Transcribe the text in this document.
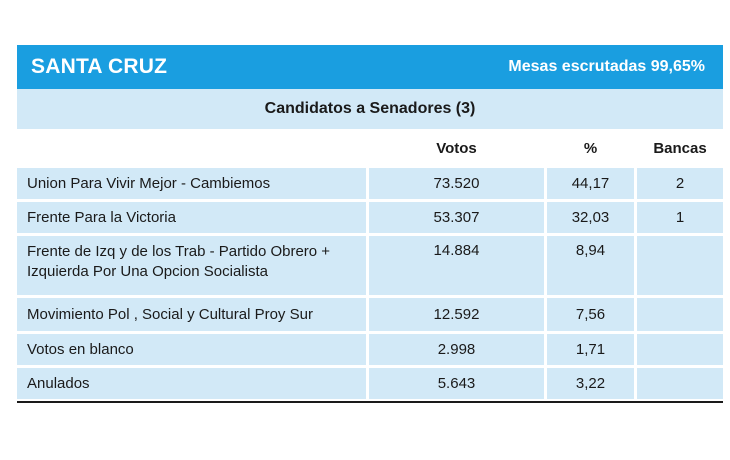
SANTA CRUZ	Mesas escrutadas 99,65%
Candidatos a Senadores (3)
	Votos	%	Bancas
Union Para Vivir Mejor - Cambiemos	73.520	44,17	2
Frente Para la Victoria	53.307	32,03	1

Frente de Izq y de los Trab - Partido Obrero +
Izquierda Por Una Opcion Socialista	14.884	8,94	
Movimiento Pol , Social y Cultural Proy Sur	12.592	7,56	
Votos en blanco	2.998	1,71	
Anulados	5.643	3,22	
